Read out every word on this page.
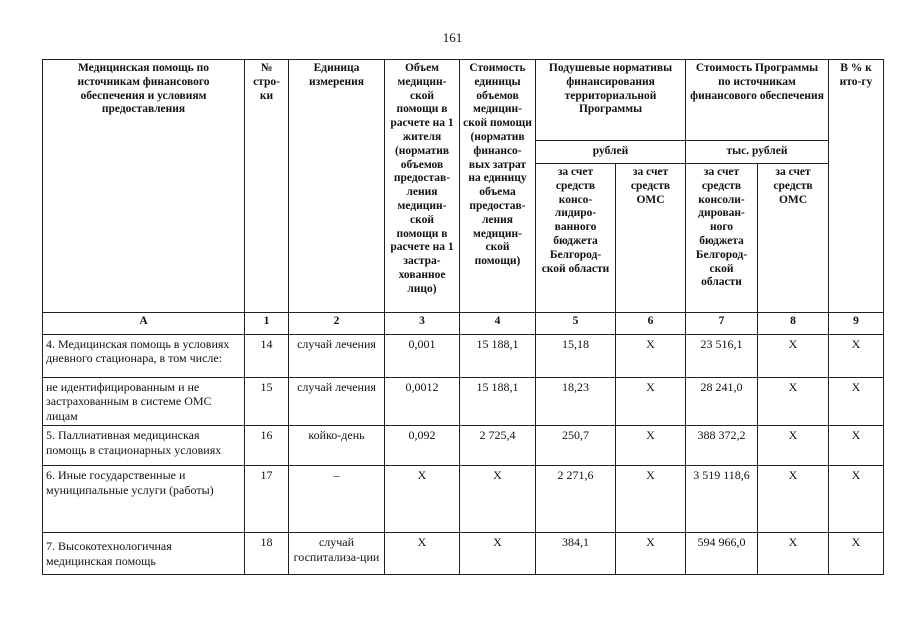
161
Медицинская помощь по источникам финансового обеспечения и условиям предоставления	№ стро-ки	Единица измерения	Объем медицин-ской помощи в расчете на 1 жителя (норматив объемов предостав-ления медицин-ской помощи в расчете на 1 застра-хованное лицо)	Стоимость единицы объемов медицин-ской помощи (норматив финансо-вых затрат на единицу объема предостав-ления медицин-ской помощи)	Подушевые нормативы финансирования территориальной Программы		Стоимость Программы по источникам финансового обеспечения		В % к ито-гу
					рублей		тыс. рублей		
					за счет средств консо-лидиро-ванного бюджета Белгород-ской области	за счет средств ОМС	за счет средств консоли-дирован-ного бюджета Белгород-ской области	за счет средств ОМС	
А	1	2	3	4	5	6	7	8	9
4. Медицинская помощь в условиях дневного стационара, в том числе:	14	случай лечения	0,001	15 188,1	15,18	Х	23 516,1	Х	Х
не идентифицированным и не застрахованным в системе ОМС лицам	15	случай лечения	0,0012	15 188,1	18,23	Х	28 241,0	Х	Х
5. Паллиативная медицинская помощь в стационарных условиях	16	койко-день	0,092	2 725,4	250,7	Х	388 372,2	Х	Х
6. Иные государственные и муниципальные услуги (работы)	17	–	Х	Х	2 271,6	Х	3 519 118,6	Х	Х
7. Высокотехнологичная медицинская помощь	18	случай госпитализа-ции	Х	Х	384,1	Х	594 966,0	Х	Х
